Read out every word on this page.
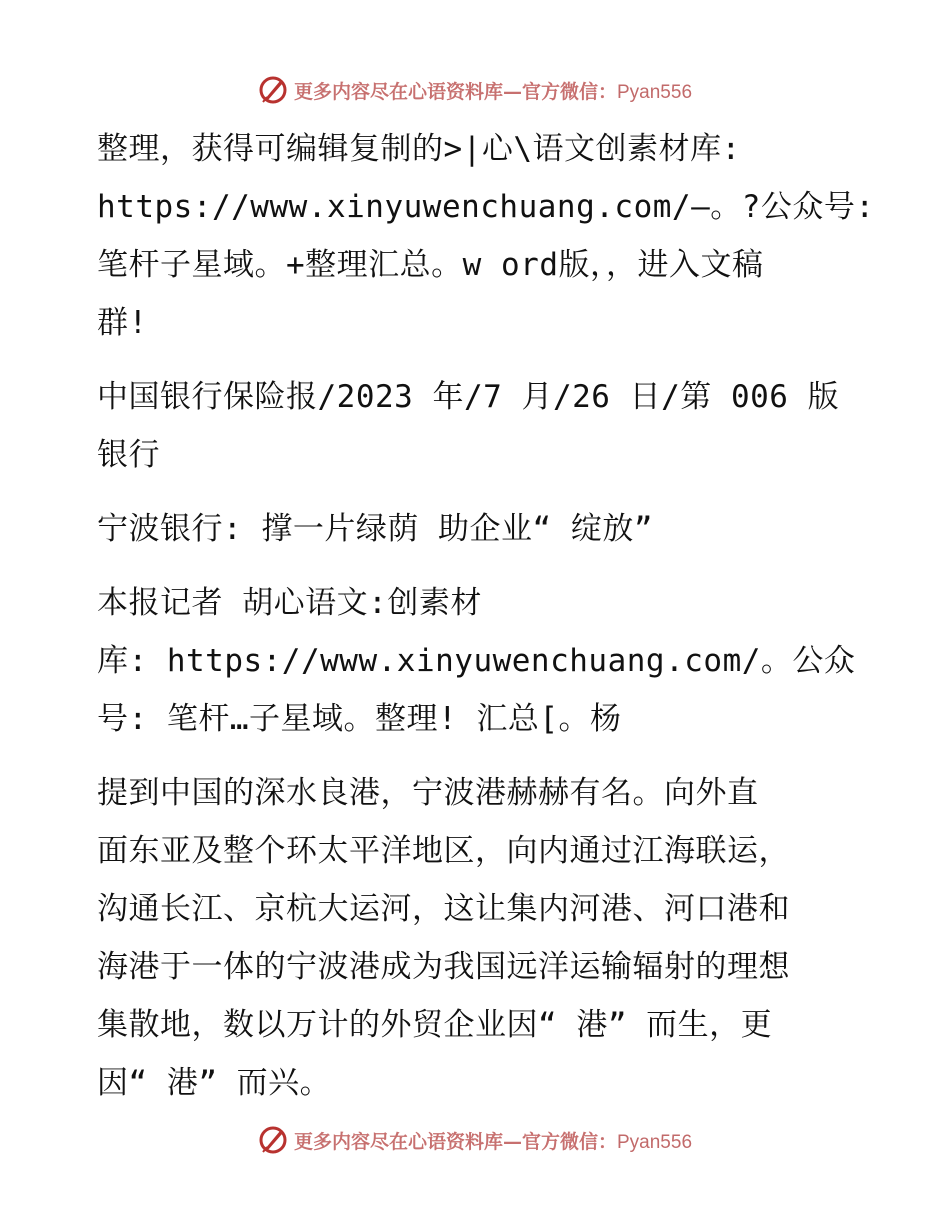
更多内容尽在心语资料库—官方微信：Pyan556
整理，获得可编辑复制的>|心\语文创素材库:
https://www.xinyuwenchuang.com/—。?公众号:
笔杆子星域。+整理汇总。w ord版，，进入文稿
群!
中国银行保险报/2023 年/7 月/26 日/第 006 版
银行
宁波银行: 撑一片绿荫 助企业“ 绽放”
本报记者 胡心语文:创素材
库: https://www.xinyuwenchuang.com/。公众
号: 笔杆…子星域。整理! 汇总[。杨
提到中国的深水良港，宁波港赫赫有名。向外直
面东亚及整个环太平洋地区，向内通过江海联运，
沟通长江、京杭大运河，这让集内河港、河口港和
海港于一体的宁波港成为我国远洋运输辐射的理想
集散地，数以万计的外贸企业因“ 港” 而生，更
因“ 港” 而兴。
更多内容尽在心语资料库—官方微信：Pyan556
